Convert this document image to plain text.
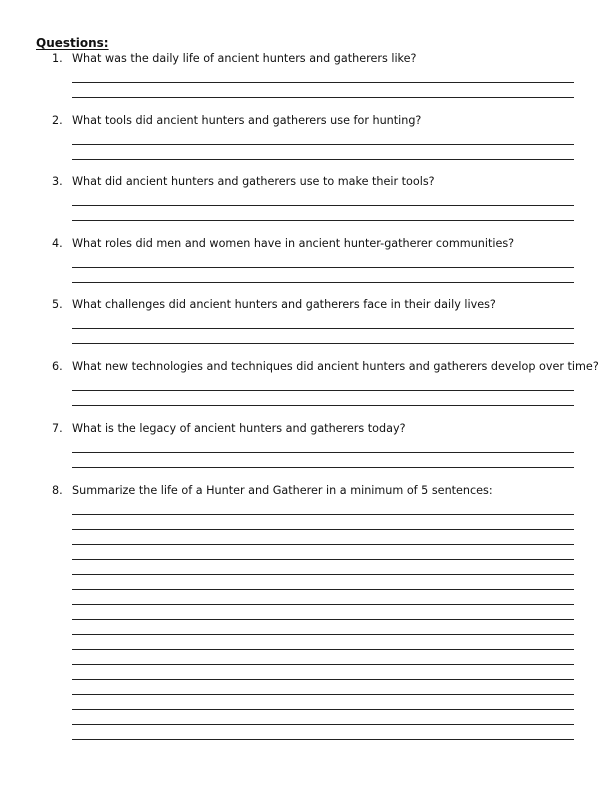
Questions:
1. What was the daily life of ancient hunters and gatherers like?
2. What tools did ancient hunters and gatherers use for hunting?
3. What did ancient hunters and gatherers use to make their tools?
4. What roles did men and women have in ancient hunter-gatherer communities?
5. What challenges did ancient hunters and gatherers face in their daily lives?
6. What new technologies and techniques did ancient hunters and gatherers develop over time?
7. What is the legacy of ancient hunters and gatherers today?
8. Summarize the life of a Hunter and Gatherer in a minimum of 5 sentences:
